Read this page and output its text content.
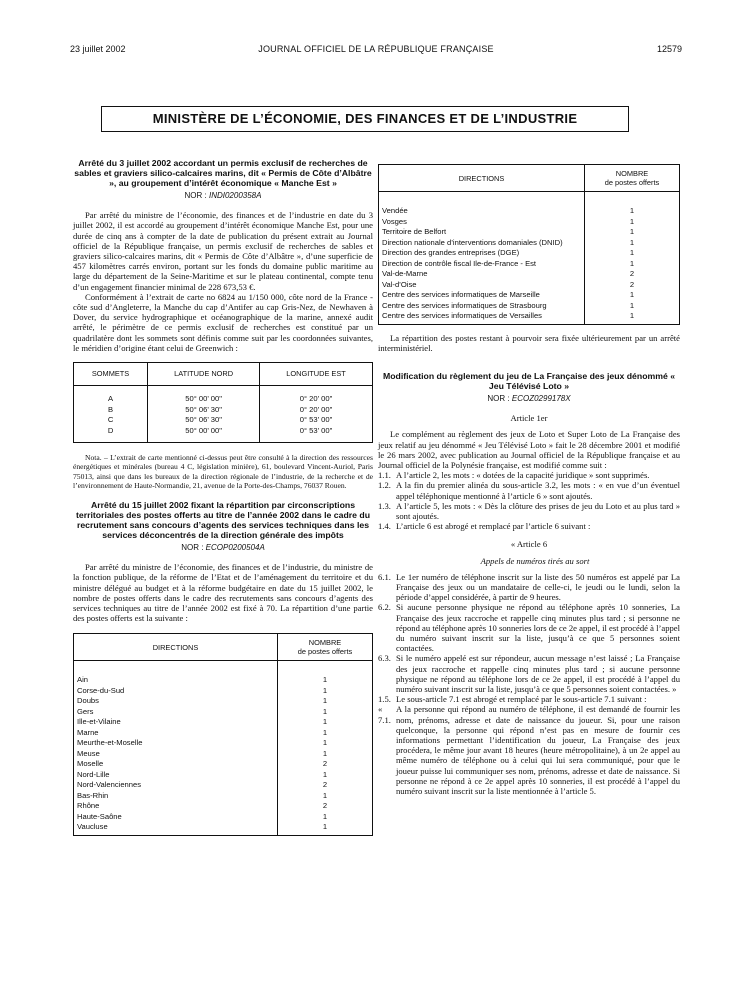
23 juillet 2002	JOURNAL OFFICIEL DE LA RÉPUBLIQUE FRANÇAISE	12579
MINISTÈRE DE L’ÉCONOMIE, DES FINANCES ET DE L’INDUSTRIE
Arrêté du 3 juillet 2002 accordant un permis exclusif de recherches de sables et graviers silico-calcaires marins, dit « Permis de Côte d’Albâtre », au groupement d’intérêt économique « Manche Est »
NOR : INDI0200358A

Par arrêté du ministre de l’économie, des finances et de l’industrie en date du 3 juillet 2002, il est accordé au groupement d’intérêt économique Manche Est, pour une durée de cinq ans à compter de la date de publication du présent extrait au Journal officiel de la République française, un permis exclusif de recherches de sables et graviers silico-calcaires marins, dit « Permis de Côte d’Albâtre », d’une superficie de 457 kilomètres carrés environ, portant sur les fonds du domaine public maritime au large du département de la Seine-Maritime et sur le plateau continental, compte tenu d’un engagement financier minimal de 228 673,53 €.

Conformément à l’extrait de carte no 6824 au 1/150 000, côte nord de la France - côte sud d’Angleterre, la Manche du cap d’Antifer au cap Gris-Nez, de Newhaven à Dover, du service hydrographique et océanographique de la marine, annexé audit arrêté, le périmètre de ce permis exclusif de recherches est constitué par un quadrilatère dont les sommets sont définis comme suit par les coordonnées suivantes, le méridien d’origine étant celui de Greenwich :

SOMMETS	LATITUDE NORD	LONGITUDE EST
A	50° 00’ 00"	0° 20’ 00"
B	50° 06’ 30"	0° 20’ 00"
C	50° 06’ 30"	0° 53’ 00"
D	50° 00’ 00"	0° 53’ 00"

Nota. – L’extrait de carte mentionné ci-dessus peut être consulté à la direction des ressources énergétiques et minérales (bureau 4 C, législation minière), 61, boulevard Vincent-Auriol, Paris 75013, ainsi que dans les bureaux de la direction régionale de l’industrie, de la recherche et de l’environnement de Haute-Normandie, 21, avenue de la Porte-des-Champs, 76037 Rouen.

Arrêté du 15 juillet 2002 fixant la répartition par circonscriptions territoriales des postes offerts au titre de l’année 2002 dans le cadre du recrutement sans concours d’agents des services techniques dans les services déconcentrés de la direction générale des impôts
NOR : ECOP0200504A

Par arrêté du ministre de l’économie, des finances et de l’industrie, du ministre de la fonction publique, de la réforme de l’Etat et de l’aménagement du territoire et du ministre délégué au budget et à la réforme budgétaire en date du 15 juillet 2002, le nombre de postes offerts dans le cadre des recrutements sans concours d’agents des services techniques au titre de l’année 2002 est fixé à 70. La répartition d’une partie des postes offerts est la suivante :

DIRECTIONS	NOMBRE
de postes offerts
Ain	1
Corse-du-Sud	1
Doubs	1
Gers	1
Ille-et-Vilaine	1
Marne	1
Meurthe-et-Moselle	1
Meuse	1
Moselle	2
Nord-Lille	1
Nord-Valenciennes	2
Bas-Rhin	1
Rhône	2
Haute-Saône	1
Vaucluse	1
DIRECTIONS	NOMBRE
de postes offerts
Vendée	1
Vosges	1
Territoire de Belfort	1
Direction nationale d’interventions domaniales (DNID)	1
Direction des grandes entreprises (DGE)	1
Direction de contrôle fiscal Ile-de-France - Est	1
Val-de-Marne	2
Val-d’Oise	2
Centre des services informatiques de Marseille	1
Centre des services informatiques de Strasbourg	1
Centre des services informatiques de Versailles	1

La répartition des postes restant à pourvoir sera fixée ultérieurement par un arrêté interministériel.

Modification du règlement du jeu de La Française des jeux dénommé « Jeu Télévisé Loto »
NOR : ECOZ0299178X

Article 1er

Le complément au règlement des jeux de Loto et Super Loto de La Française des jeux relatif au jeu dénommé « Jeu Télévisé Loto » fait le 28 décembre 2001 et modifié le 26 mars 2002, avec publication au Journal officiel de la République française et au Journal officiel de la Polynésie française, est modifié comme suit :

1.1. A l’article 2, les mots : « dotées de la capacité juridique » sont supprimés.
1.2. A la fin du premier alinéa du sous-article 3.2, les mots : « en vue d’un éventuel appel téléphonique mentionné à l’article 6 » sont ajoutés.
1.3. A l’article 5, les mots : « Dès la clôture des prises de jeu du Loto et au plus tard » sont ajoutés.
1.4. L’article 6 est abrogé et remplacé par l’article 6 suivant :

« Article 6

Appels de numéros tirés au sort

6.1. Le 1er numéro de téléphone inscrit sur la liste des 50 numéros est appelé par La Française des jeux ou un mandataire de celle-ci, le jeudi ou le lundi, selon la période d’appel considérée, à partir de 9 heures.
6.2. Si aucune personne physique ne répond au téléphone après 10 sonneries, La Française des jeux raccroche et rappelle cinq minutes plus tard ; si personne ne répond au téléphone après 10 sonneries lors de ce 2e appel, il est procédé à l’appel du numéro suivant inscrit sur la liste, jusqu’à ce que 5 personnes soient contactées.
6.3. Si le numéro appelé est sur répondeur, aucun message n’est laissé ; La Française des jeux raccroche et rappelle cinq minutes plus tard ; si aucune personne physique ne répond au téléphone lors de ce 2e appel, il est procédé à l’appel du numéro suivant inscrit sur la liste, jusqu’à ce que 5 personnes soient contactées. »
1.5. Le sous-article 7.1 est abrogé et remplacé par le sous-article 7.1 suivant :
« 7.1.
A la personne qui répond au numéro de téléphone, il est demandé de fournir les nom, prénoms, adresse et date de naissance du joueur. Si, pour une raison quelconque, la personne qui répond n’est pas en mesure de fournir ces informations permettant l’identification du joueur, La Française des jeux procédera, le même jour avant 18 heures (heure métropolitaine), à un 2e appel au même numéro de téléphone ou à celui qui lui sera communiqué, pour que le joueur puisse lui communiquer ses nom, prénoms, adresse et date de naissance. Si personne ne répond à ce 2e appel après 10 sonneries, il est procédé à l’appel du numéro suivant inscrit sur la liste mentionnée à l’article 5.
